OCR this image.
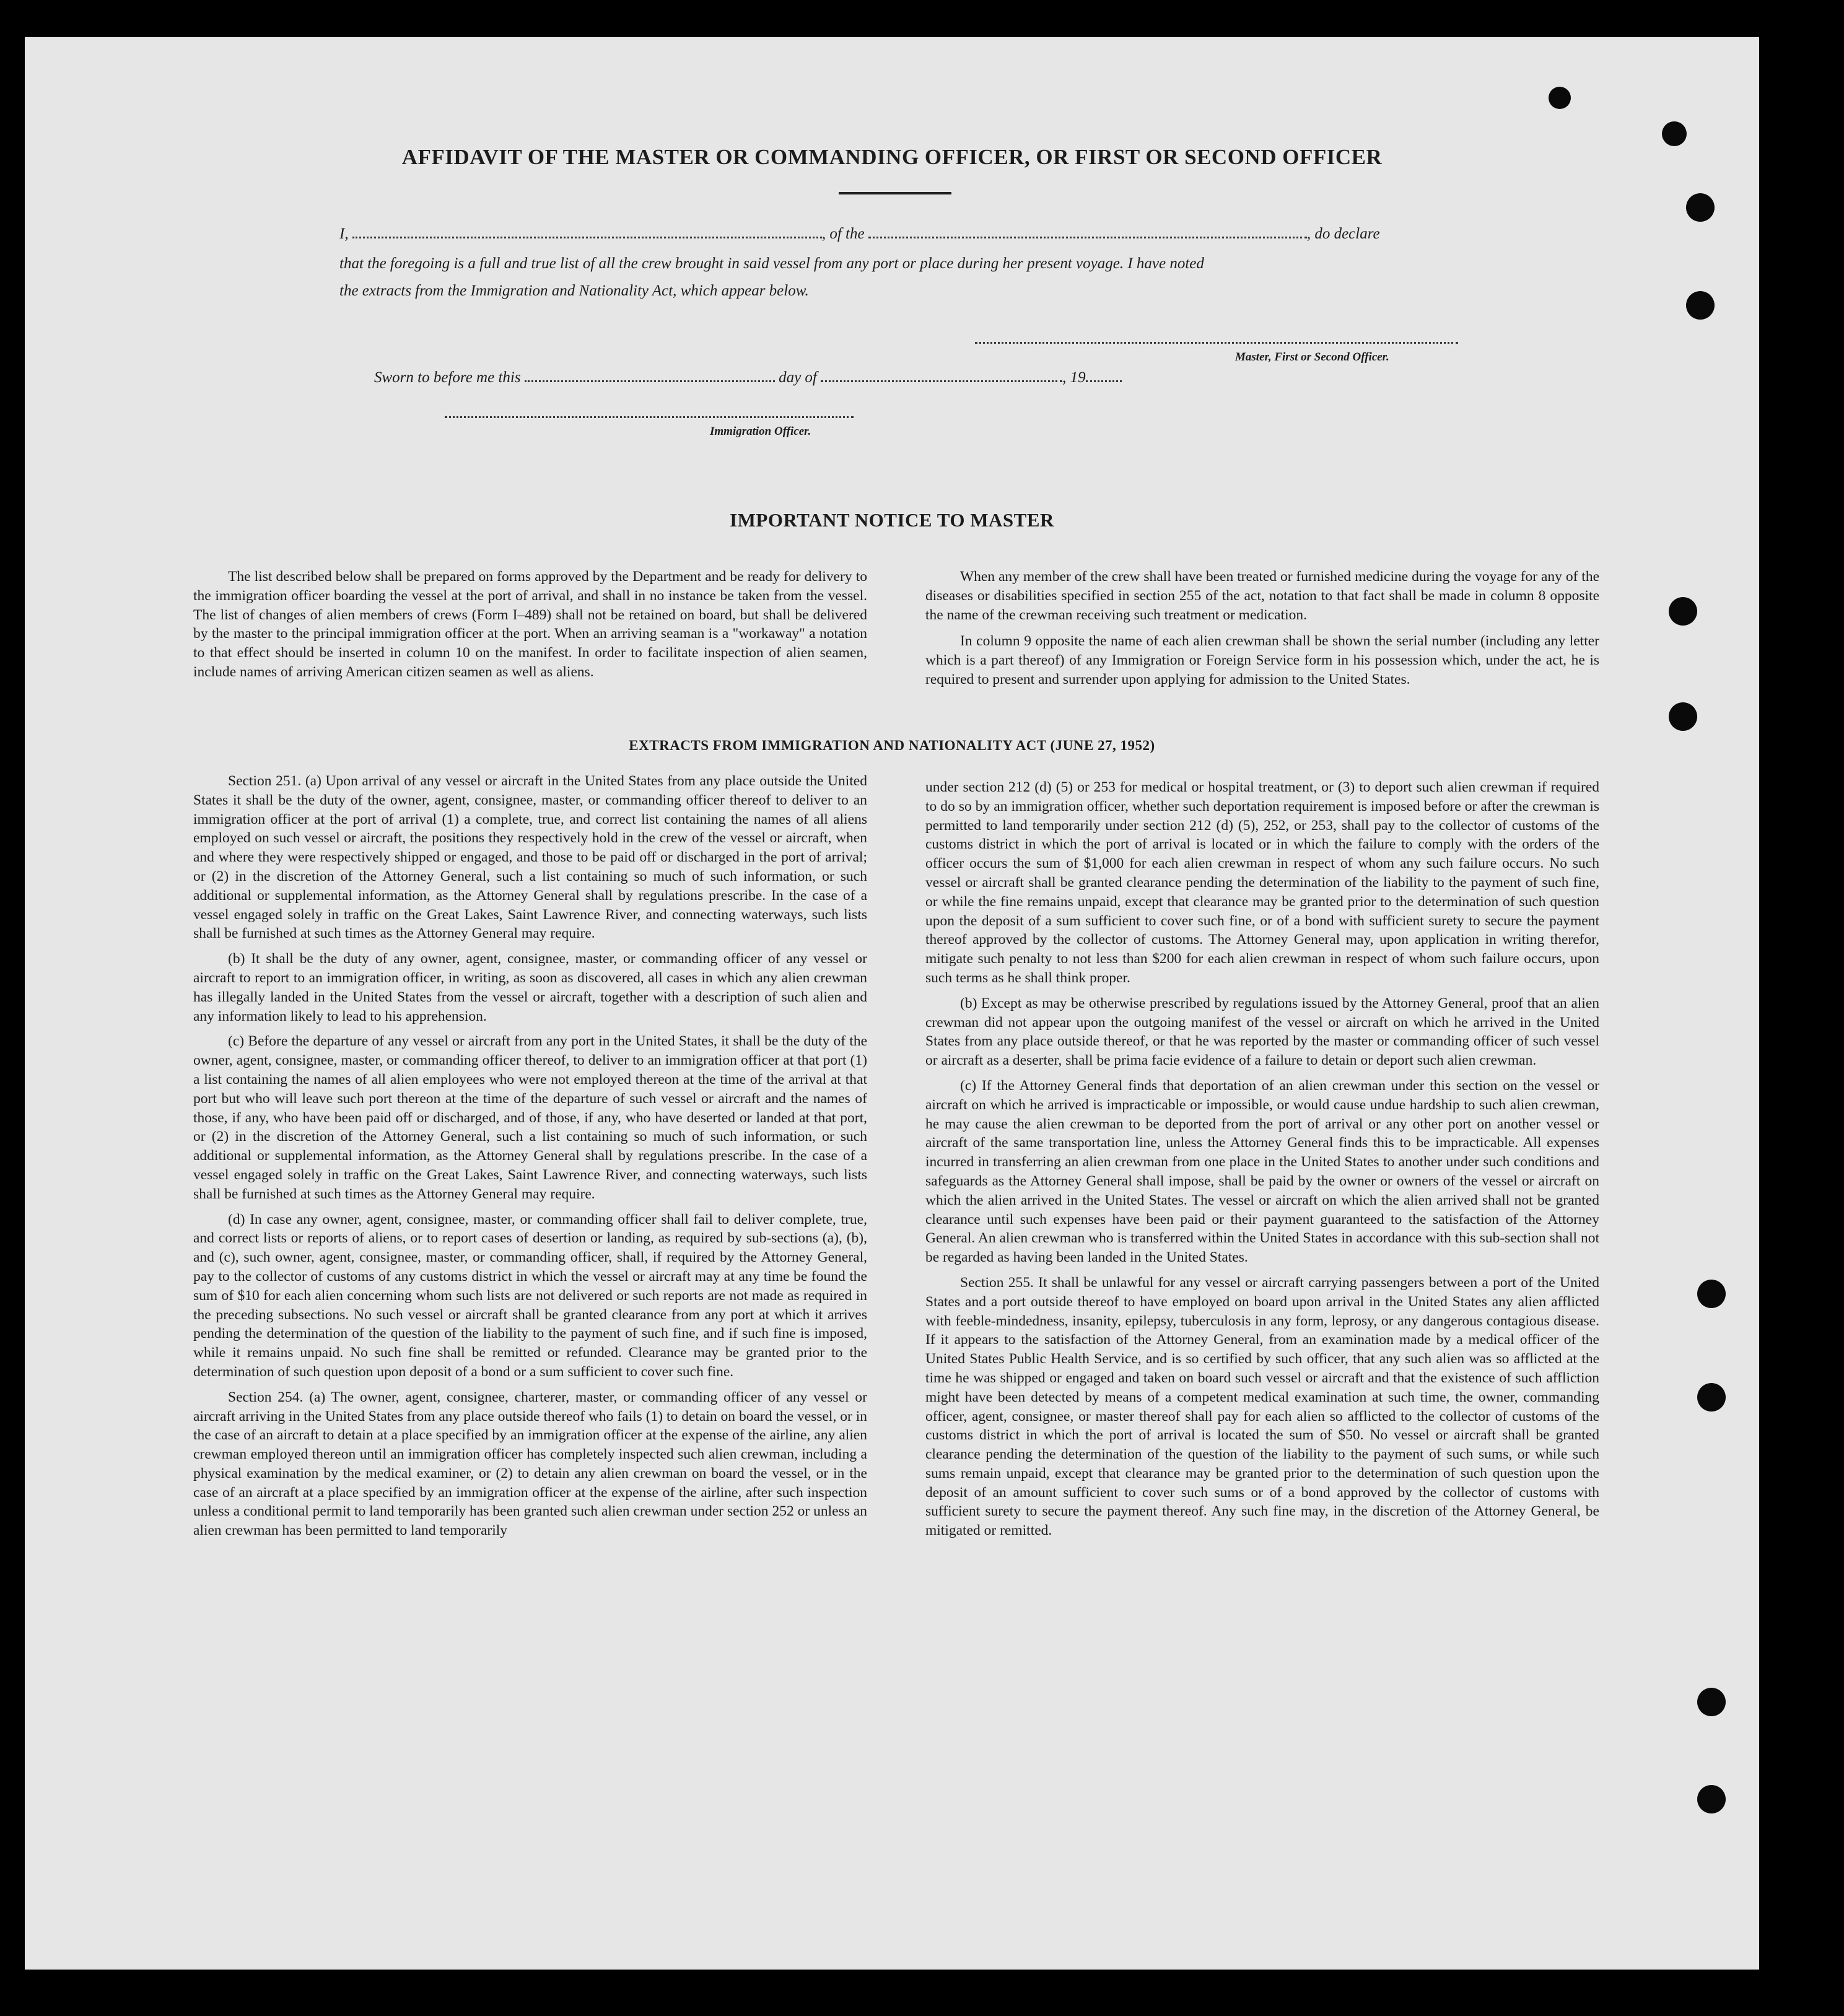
AFFIDAVIT OF THE MASTER OR COMMANDING OFFICER, OR FIRST OR SECOND OFFICER
I,	, of the	, do declare
that the foregoing is a full and true list of all the crew brought in said vessel from any port or place during her present voyage. I have noted
the extracts from the Immigration and Nationality Act, which appear below.
Master, First or Second Officer.
Sworn to before me this	day of	, 19
Immigration Officer.
IMPORTANT NOTICE TO MASTER

The list described below shall be prepared on forms approved by the Department and be ready for delivery to the immigration officer boarding the vessel at the port of arrival, and shall in no instance be taken from the vessel. The list of changes of alien members of crews (Form I–489) shall not be retained on board, but shall be delivered by the master to the principal immigration officer at the port. When an arriving seaman is a "workaway" a notation to that effect should be inserted in column 10 on the manifest. In order to facilitate inspection of alien seamen, include names of arriving American citizen seamen as well as aliens.

When any member of the crew shall have been treated or furnished medicine during the voyage for any of the diseases or disabilities specified in section 255 of the act, notation to that fact shall be made in column 8 opposite the name of the crewman receiving such treatment or medication.

In column 9 opposite the name of each alien crewman shall be shown the serial number (including any letter which is a part thereof) of any Immigration or Foreign Service form in his possession which, under the act, he is required to present and surrender upon applying for admission to the United States.

EXTRACTS FROM IMMIGRATION AND NATIONALITY ACT (JUNE 27, 1952)

Section 251. (a) Upon arrival of any vessel or aircraft in the United States from any place outside the United States it shall be the duty of the owner, agent, consignee, master, or commanding officer thereof to deliver to an immigration officer at the port of arrival (1) a complete, true, and correct list containing the names of all aliens employed on such vessel or aircraft, the positions they respectively hold in the crew of the vessel or aircraft, when and where they were respectively shipped or engaged, and those to be paid off or discharged in the port of arrival; or (2) in the discretion of the Attorney General, such a list containing so much of such information, or such additional or supplemental information, as the Attorney General shall by regulations prescribe. In the case of a vessel engaged solely in traffic on the Great Lakes, Saint Lawrence River, and connecting waterways, such lists shall be furnished at such times as the Attorney General may require.

(b) It shall be the duty of any owner, agent, consignee, master, or commanding officer of any vessel or aircraft to report to an immigration officer, in writing, as soon as discovered, all cases in which any alien crewman has illegally landed in the United States from the vessel or aircraft, together with a description of such alien and any information likely to lead to his apprehension.

(c) Before the departure of any vessel or aircraft from any port in the United States, it shall be the duty of the owner, agent, consignee, master, or commanding officer thereof, to deliver to an immigration officer at that port (1) a list containing the names of all alien employees who were not employed thereon at the time of the arrival at that port but who will leave such port thereon at the time of the departure of such vessel or aircraft and the names of those, if any, who have been paid off or discharged, and of those, if any, who have deserted or landed at that port, or (2) in the discretion of the Attorney General, such a list containing so much of such information, or such additional or supplemental information, as the Attorney General shall by regulations prescribe. In the case of a vessel engaged solely in traffic on the Great Lakes, Saint Lawrence River, and connecting waterways, such lists shall be furnished at such times as the Attorney General may require.

(d) In case any owner, agent, consignee, master, or commanding officer shall fail to deliver complete, true, and correct lists or reports of aliens, or to report cases of desertion or landing, as required by sub-sections (a), (b), and (c), such owner, agent, consignee, master, or commanding officer, shall, if required by the Attorney General, pay to the collector of customs of any customs district in which the vessel or aircraft may at any time be found the sum of $10 for each alien concerning whom such lists are not delivered or such reports are not made as required in the preceding subsections. No such vessel or aircraft shall be granted clearance from any port at which it arrives pending the determination of the question of the liability to the payment of such fine, and if such fine is imposed, while it remains unpaid. No such fine shall be remitted or refunded. Clearance may be granted prior to the determination of such question upon deposit of a bond or a sum sufficient to cover such fine.

Section 254. (a) The owner, agent, consignee, charterer, master, or commanding officer of any vessel or aircraft arriving in the United States from any place outside thereof who fails (1) to detain on board the vessel, or in the case of an aircraft to detain at a place specified by an immigration officer at the expense of the airline, any alien crewman employed thereon until an immigration officer has completely inspected such alien crewman, including a physical examination by the medical examiner, or (2) to detain any alien crewman on board the vessel, or in the case of an aircraft at a place specified by an immigration officer at the expense of the airline, after such inspection unless a conditional permit to land temporarily has been granted such alien crewman under section 252 or unless an alien crewman has been permitted to land temporarily

under section 212 (d) (5) or 253 for medical or hospital treatment, or (3) to deport such alien crewman if required to do so by an immigration officer, whether such deportation requirement is imposed before or after the crewman is permitted to land temporarily under section 212 (d) (5), 252, or 253, shall pay to the collector of customs of the customs district in which the port of arrival is located or in which the failure to comply with the orders of the officer occurs the sum of $1,000 for each alien crewman in respect of whom any such failure occurs. No such vessel or aircraft shall be granted clearance pending the determination of the liability to the payment of such fine, or while the fine remains unpaid, except that clearance may be granted prior to the determination of such question upon the deposit of a sum sufficient to cover such fine, or of a bond with sufficient surety to secure the payment thereof approved by the collector of customs. The Attorney General may, upon application in writing therefor, mitigate such penalty to not less than $200 for each alien crewman in respect of whom such failure occurs, upon such terms as he shall think proper.

(b) Except as may be otherwise prescribed by regulations issued by the Attorney General, proof that an alien crewman did not appear upon the outgoing manifest of the vessel or aircraft on which he arrived in the United States from any place outside thereof, or that he was reported by the master or commanding officer of such vessel or aircraft as a deserter, shall be prima facie evidence of a failure to detain or deport such alien crewman.

(c) If the Attorney General finds that deportation of an alien crewman under this section on the vessel or aircraft on which he arrived is impracticable or impossible, or would cause undue hardship to such alien crewman, he may cause the alien crewman to be deported from the port of arrival or any other port on another vessel or aircraft of the same transportation line, unless the Attorney General finds this to be impracticable. All expenses incurred in transferring an alien crewman from one place in the United States to another under such conditions and safeguards as the Attorney General shall impose, shall be paid by the owner or owners of the vessel or aircraft on which the alien arrived in the United States. The vessel or aircraft on which the alien arrived shall not be granted clearance until such expenses have been paid or their payment guaranteed to the satisfaction of the Attorney General. An alien crewman who is transferred within the United States in accordance with this sub-section shall not be regarded as having been landed in the United States.

Section 255. It shall be unlawful for any vessel or aircraft carrying passengers between a port of the United States and a port outside thereof to have employed on board upon arrival in the United States any alien afflicted with feeble-mindedness, insanity, epilepsy, tuberculosis in any form, leprosy, or any dangerous contagious disease. If it appears to the satisfaction of the Attorney General, from an examination made by a medical officer of the United States Public Health Service, and is so certified by such officer, that any such alien was so afflicted at the time he was shipped or engaged and taken on board such vessel or aircraft and that the existence of such affliction might have been detected by means of a competent medical examination at such time, the owner, commanding officer, agent, consignee, or master thereof shall pay for each alien so afflicted to the collector of customs of the customs district in which the port of arrival is located the sum of $50. No vessel or aircraft shall be granted clearance pending the determination of the question of the liability to the payment of such sums, or while such sums remain unpaid, except that clearance may be granted prior to the determination of such question upon the deposit of an amount sufficient to cover such sums or of a bond approved by the collector of customs with sufficient surety to secure the payment thereof. Any such fine may, in the discretion of the Attorney General, be mitigated or remitted.
